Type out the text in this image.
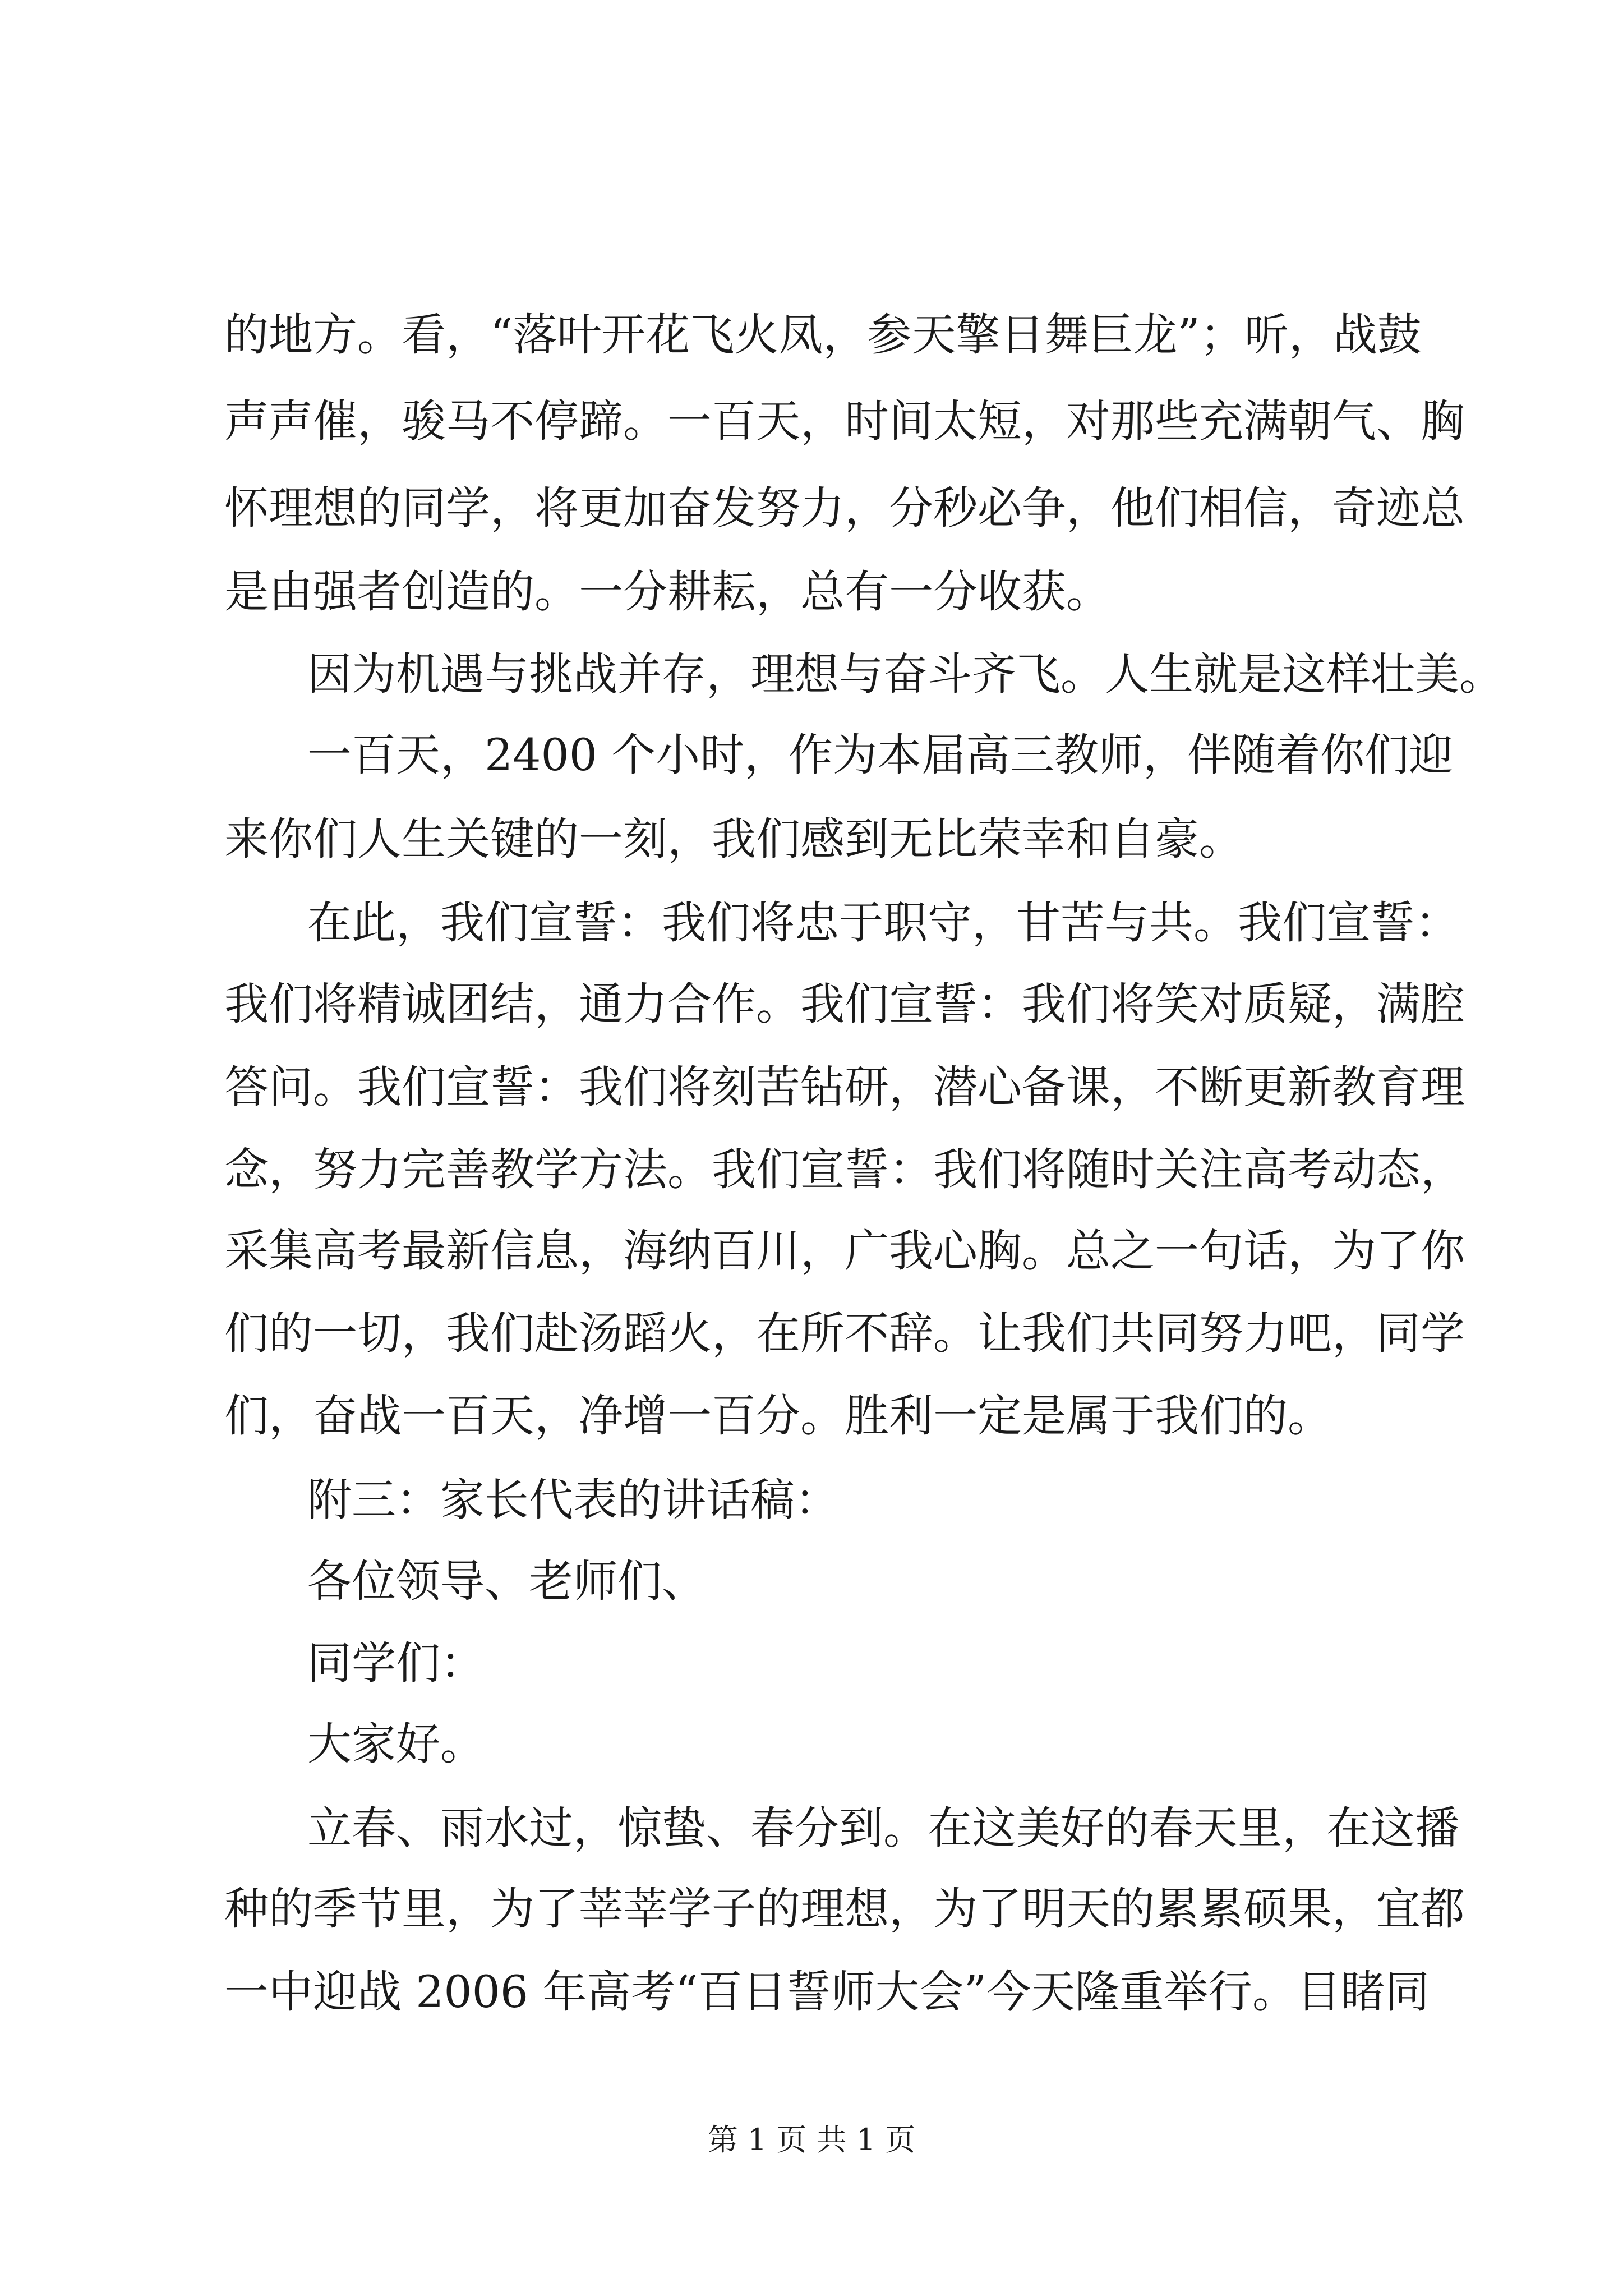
的地方。看，“落叶开花飞火凤，参天擎日舞巨龙”；听，战鼓
声声催，骏马不停蹄。一百天，时间太短，对那些充满朝气、胸
怀理想的同学，将更加奋发努力，分秒必争，他们相信，奇迹总
是由强者创造的。一分耕耘，总有一分收获。
因为机遇与挑战并存，理想与奋斗齐飞。人生就是这样壮美。
一百天，2400 个小时，作为本届高三教师，伴随着你们迎
来你们人生关键的一刻，我们感到无比荣幸和自豪。
在此，我们宣誓：我们将忠于职守，甘苦与共。我们宣誓：
我们将精诚团结，通力合作。我们宣誓：我们将笑对质疑，满腔
答问。我们宣誓：我们将刻苦钻研，潜心备课，不断更新教育理
念，努力完善教学方法。我们宣誓：我们将随时关注高考动态，
采集高考最新信息，海纳百川，广我心胸。总之一句话，为了你
们的一切，我们赴汤蹈火，在所不辞。让我们共同努力吧，同学
们，奋战一百天，净增一百分。胜利一定是属于我们的。
附三：家长代表的讲话稿：
各位领导、老师们、
同学们：
大家好。
立春、雨水过，惊蛰、春分到。在这美好的春天里，在这播
种的季节里，为了莘莘学子的理想，为了明天的累累硕果，宜都
一中迎战 2006 年高考“百日誓师大会”今天隆重举行。目睹同
第 1 页 共 1 页
